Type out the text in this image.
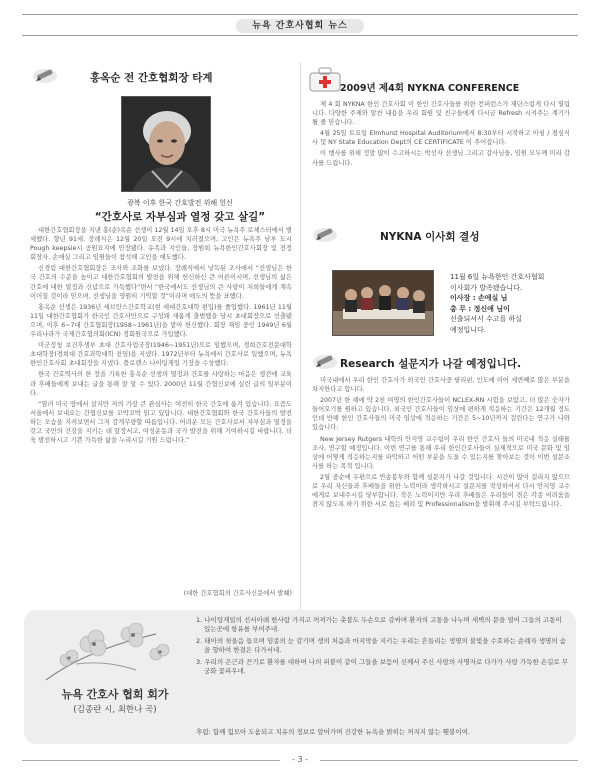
뉴욕 간호사협회 뉴스
홍옥순 전 간호협회장 타계
광복 이후 한국 간호발전 위해 헌신
“간호사로 자부심과 열정 갖고 살길”

대한간호협회장을 지낸 홍(순)옥순 선생이 12월 14일 오후 8시 미국 뉴욕주 로체스터에서 별세했다. 향년 91세. 장례식은 12월 20일 오전 9시에 치러졌으며, 고인은 뉴욕주 남부 도시 Pough keepsie시 공원묘지에 안장됐다. 유족과 지인들, 장원희 뉴욕한인간호사회장 및 전정 회장자, 손애실 그리고 임원들이 참석해 고인을 애도했다.

신경림 대한간호협회장은 조사와 조화를 보냈다. 장례식에서 낭독된 조사에서 “선생님은 한국 간호의 수준을 높이고 대한간호협회의 발전을 위해 헌신하신 큰 어른이시며, 선생님의 삶은 간호에 대한 열정과 신념으로 가득했다”면서 “한국에서도 선생님의 큰 사랑이 저희들에게 계속 이어질 것이라 믿으며, 선생님을 영원히 기억할 것”이라며 애도의 뜻을 표했다.

홍옥순 선생은 1936년 세브란스간호학교(현 세대간호대학 편입)를 졸업했다. 1961년 11월 11일 대한간호협회가 한국인 간호사만으로 구성돼 새롭게 출범했을 당시 초대회장으로 선출됐으며, 이후 6~7대 간호협회장(1958~1961년)을 맡아 헌신했다. 회장 재임 중인 1949년 6월 우리나라가 국제간호협의회(ICN) 정회원국으로 가입했다.

미군정청 보건후생부 초대 간호사업국장(1946~1951년)으로 일했으며, 경희간호전문대학 초대학장(경희대 간호과학대학 전임)을 지냈다. 1972년부터 뉴욕에서 간호사로 일했으며, 뉴욕한인간호사회 초대회장을 지냈다. 플로렌스 나이팅게일 기장을 수상했다.

한국 간호역사의 한 장을 기록한 홍옥순 선생의 열정과 간호를 사랑하는 마음은 생전에 교육과 후배들에게 보내는 글을 통해 잘 알 수 있다. 2000년 11월 간협신보에 실린 글의 일부분이다.

“열러 미국 땅에서 살지만 저의 가장 큰 관심사는 여전히 한국 간호에 옮겨 있습니다. 요즘도 서울에서 보내오는 간협신보를 꼬박꼬박 읽고 있답니다. 대한간호협회와 한국 간호사들의 발전하는 모습을 지켜보면서 그저 감개무량할 따름입니다. 어려운 모든 간호사로서 자부심과 열정을 갖고 국민의 건강을 지키는 데 앞장서고, 여성운동과 국가 발전을 위해 기여하시길 바랍니다. 더욱 발전하시고 기쁜 가득한 삶을 누리시길 기원 드립니다.”

(대한 간호협회의 간호사신문에서 발췌)
2009년 제4회 NYKNA CONFERENCE

제 4 회 NYKNA 한인 간호사회 이 한인 간호사들를 위한 컨퍼런스가 재단스럽게 다시 열립니다. 다양한 주제와 알찬 내용을 우리 회원 및 친구들에게 다시금 Refresh 시켜주는 계기가 될 줄 믿습니다.

4월 25일 토요일 Elmhurst Hospital Auditorium에서 8:30부터 시작하고 아침 / 점심식사 및 NY State Education Dept의 CE CERTIFICATE 이 주어집니다.

이 행사를 위해 정말 많이 수고하시는 박선자 선생님 그리고 감사님들, 임원 모두께 미리 감사를 드립니다.

NYKNA 이사회 결성
11월 6일 뉴욕한인 간호사협회
이사회가 발족됐습니다.
이사장 : 손애실 님
총 무 : 정신애 님이
선출되셔서 수고를 하실
예정입니다.
Research 설문지가 나갈 예정입니다.

미국내에서 우리 한인 간호사가 외국인 간호사중 필리핀, 인도에 이어 세번째로 많은 부분을 차지한다고 합니다.

2007년 한 해에 약 2천 여명의 한인간호사들이 NCLEX-RN 시험을 보았고, 더 많은 숫자가 들어오기를 원하고 있습니다. 외국인 간호사들이 임상에 편하게 적응하는 기간은 12개월 정도인데 반해 한인 간호사들의 미국 임상에 적응하는 기간은 5~10년까지 걸린다는 연구가 나와 있습니다.

New Jersey Rutgers 대학의 안지영 교수팀이 우리 한인 간호사 들의 미국내 적응 실태를 조사, 연구할 예정입니다. 이번 연구를 통해 우리 한인간호사들이 실제적으로 미국 문화 및 임상에 어떻게 적응하는지를 파악하고 어떤 부분을 도울 수 있는지를 찾아보는 것이 이번 설문조사를 하는 목적 입니다.

2월 중순에 우편으로 반송봉투와 함께 설문지가 나갈 것입니다. 시간이 많이 걸리지 않으므로 우리 자신들과 후배들을 위한 노력이라 생각하시고 설문지를 작성하셔서 다시 안지영 교수에게로 보내주시길 당부합니다. 작은 노력이지만 우리 후배들은 우리들이 겪은 각종 어려움을 겪지 않도록 하기 위한 서로 돕는 배려 및 Professionalism을 발휘해 주시길 부탁드립니다.

뉴욕 간호사 협회 회가
(김종란 시, 최한나 곡)
1. 나이팅게일의 선서아래 한사람 가지고 꺼져가는 촛불도 두손으로 감싸며 환자의 고통을 나누며 새벽의 문을 열어 그들의 고통이 있는곳에 항유를 부어주네.
2. 태아의 첫울음 들으며 임종의 눈 감기며 생의 처음과 마지막을 지키는 우리는 흔들리는 생명의 불빛을 수호하는 순례자 생명의 숨을 향하여 한결은 다가서네.
3. 우리의 은근과 끈기로 환자를 대하며 나의 피붙이 같이 그들을 보듬어 신께서 주신 사랑의 사명자로 다가가 사랑 가득한 손길로 무궁화 꽃피우네.
후렴: 함께 힘모아 도움되고 치유의 정보로 앞어가며 건강한 뉴욕을 밝히는 꺼지지 않는 횃불이여.
- 3 -
